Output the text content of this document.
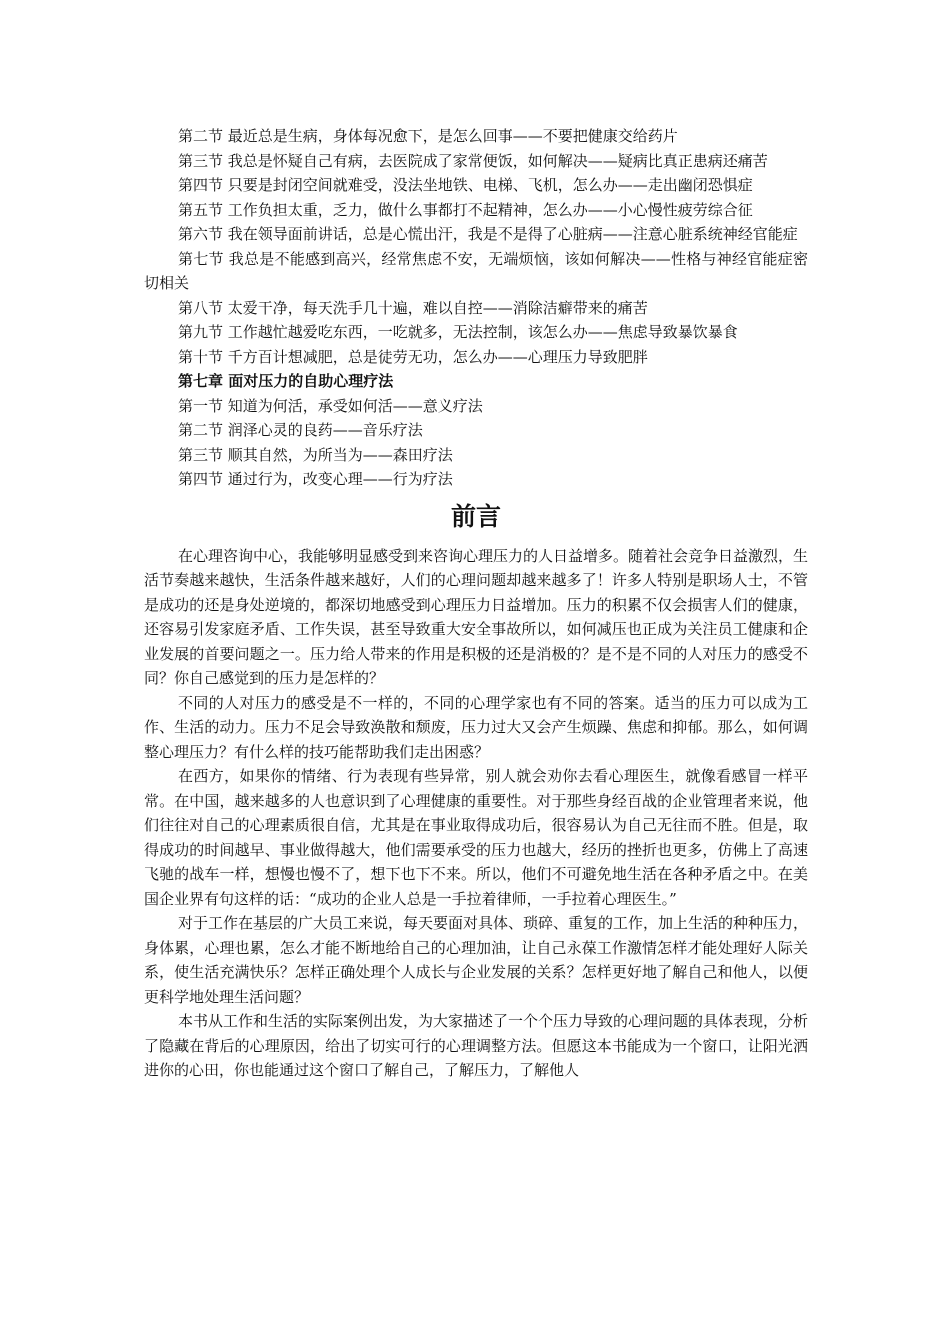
第二节 最近总是生病，身体每况愈下，是怎么回事——不要把健康交给药片

第三节 我总是怀疑自己有病，去医院成了家常便饭，如何解决——疑病比真正患病还痛苦

第四节 只要是封闭空间就难受，没法坐地铁、电梯、飞机，怎么办——走出幽闭恐惧症

第五节 工作负担太重，乏力，做什么事都打不起精神，怎么办——小心慢性疲劳综合征

第六节 我在领导面前讲话，总是心慌出汗，我是不是得了心脏病——注意心脏系统神经官能症

第七节 我总是不能感到高兴，经常焦虑不安，无端烦恼，该如何解决——性格与神经官能症密切相关

第八节 太爱干净，每天洗手几十遍，难以自控——消除洁癖带来的痛苦

第九节 工作越忙越爱吃东西，一吃就多，无法控制，该怎么办——焦虑导致暴饮暴食

第十节 千方百计想减肥，总是徒劳无功，怎么办——心理压力导致肥胖

第七章 面对压力的自助心理疗法

第一节 知道为何活，承受如何活——意义疗法

第二节 润泽心灵的良药——音乐疗法

第三节 顺其自然，为所当为——森田疗法

第四节 通过行为，改变心理——行为疗法

前言

在心理咨询中心，我能够明显感受到来咨询心理压力的人日益增多。随着社会竞争日益激烈，生活节奏越来越快，生活条件越来越好，人们的心理问题却越来越多了！许多人特别是职场人士，不管是成功的还是身处逆境的，都深切地感受到心理压力日益增加。压力的积累不仅会损害人们的健康，还容易引发家庭矛盾、工作失误，甚至导致重大安全事故所以，如何减压也正成为关注员工健康和企业发展的首要问题之一。压力给人带来的作用是积极的还是消极的？是不是不同的人对压力的感受不同？你自己感觉到的压力是怎样的？

不同的人对压力的感受是不一样的，不同的心理学家也有不同的答案。适当的压力可以成为工作、生活的动力。压力不足会导致涣散和颓废，压力过大又会产生烦躁、焦虑和抑郁。那么，如何调整心理压力？有什么样的技巧能帮助我们走出困惑？

在西方，如果你的情绪、行为表现有些异常，别人就会劝你去看心理医生，就像看感冒一样平常。在中国，越来越多的人也意识到了心理健康的重要性。对于那些身经百战的企业管理者来说，他们往往对自己的心理素质很自信，尤其是在事业取得成功后，很容易认为自己无往而不胜。但是，取得成功的时间越早、事业做得越大，他们需要承受的压力也越大，经历的挫折也更多，仿佛上了高速飞驰的战车一样，想慢也慢不了，想下也下不来。所以，他们不可避免地生活在各种矛盾之中。在美国企业界有句这样的话：“成功的企业人总是一手拉着律师，一手拉着心理医生。”

对于工作在基层的广大员工来说，每天要面对具体、琐碎、重复的工作，加上生活的种种压力，身体累，心理也累，怎么才能不断地给自己的心理加油，让自己永葆工作激情怎样才能处理好人际关系，使生活充满快乐？怎样正确处理个人成长与企业发展的关系？怎样更好地了解自己和他人，以便更科学地处理生活问题？

本书从工作和生活的实际案例出发，为大家描述了一个个压力导致的心理问题的具体表现，分析了隐藏在背后的心理原因，给出了切实可行的心理调整方法。但愿这本书能成为一个窗口，让阳光洒进你的心田，你也能通过这个窗口了解自己，了解压力，了解他人
